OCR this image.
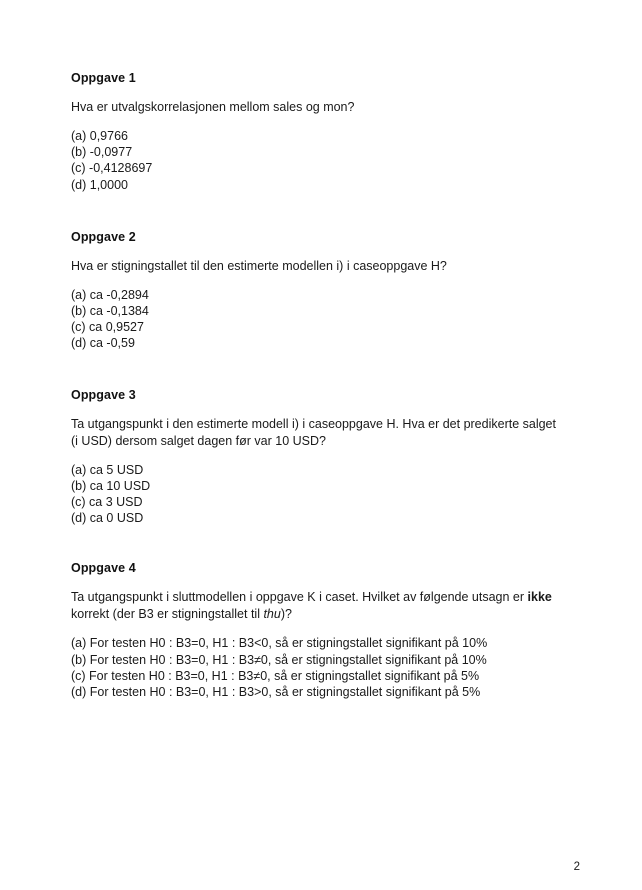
Oppgave 1

Hva er utvalgskorrelasjonen mellom sales og mon?

(a) 0,9766
(b) -0,0977
(c) -0,4128697
(d) 1,0000
Oppgave 2

Hva er stigningstallet til den estimerte modellen i) i caseoppgave H?

(a) ca -0,2894
(b) ca -0,1384
(c) ca 0,9527
(d) ca -0,59
Oppgave 3

Ta utgangspunkt i den estimerte modell i) i caseoppgave H. Hva er det predikerte salget (i USD) dersom salget dagen før var 10 USD?

(a) ca 5 USD
(b) ca 10 USD
(c) ca 3 USD
(d) ca 0 USD
Oppgave 4

Ta utgangspunkt i sluttmodellen i oppgave K i caset. Hvilket av følgende utsagn er ikke korrekt (der B3 er stigningstallet til thu)?

(a) For testen H0 : B3=0, H1 : B3<0, så er stigningstallet signifikant på 10%
(b) For testen H0 : B3=0, H1 : B3≠0, så er stigningstallet signifikant på 10%
(c) For testen H0 : B3=0, H1 : B3≠0, så er stigningstallet signifikant på 5%
(d) For testen H0 : B3=0, H1 : B3>0, så er stigningstallet signifikant på 5%
2
